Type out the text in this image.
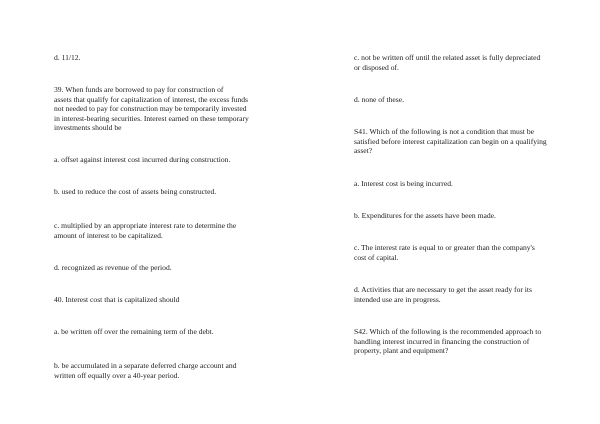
d. 11/12.

39. When funds are borrowed to pay for construction of
assets that qualify for capitalization of interest, the excess funds
not needed to pay for construction may be temporarily invested
in interest-bearing securities. Interest earned on these temporary
investments should be

a. offset against interest cost incurred during construction.

b. used to reduce the cost of assets being constructed.

c. multiplied by an appropriate interest rate to determine the
amount of interest to be capitalized.

d. recognized as revenue of the period.

40. Interest cost that is capitalized should

a. be written off over the remaining term of the debt.

b. be accumulated in a separate deferred charge account and
written off equally over a 40-year period.

c. not be written off until the related asset is fully depreciated
or disposed of.

d. none of these.

S41. Which of the following is not a condition that must be
satisfied before interest capitalization can begin on a qualifying
asset?

a. Interest cost is being incurred.

b. Expenditures for the assets have been made.

c. The interest rate is equal to or greater than the company's
cost of capital.

d. Activities that are necessary to get the asset ready for its
intended use are in progress.

S42. Which of the following is the recommended approach to
handling interest incurred in financing the construction of
property, plant and equipment?
